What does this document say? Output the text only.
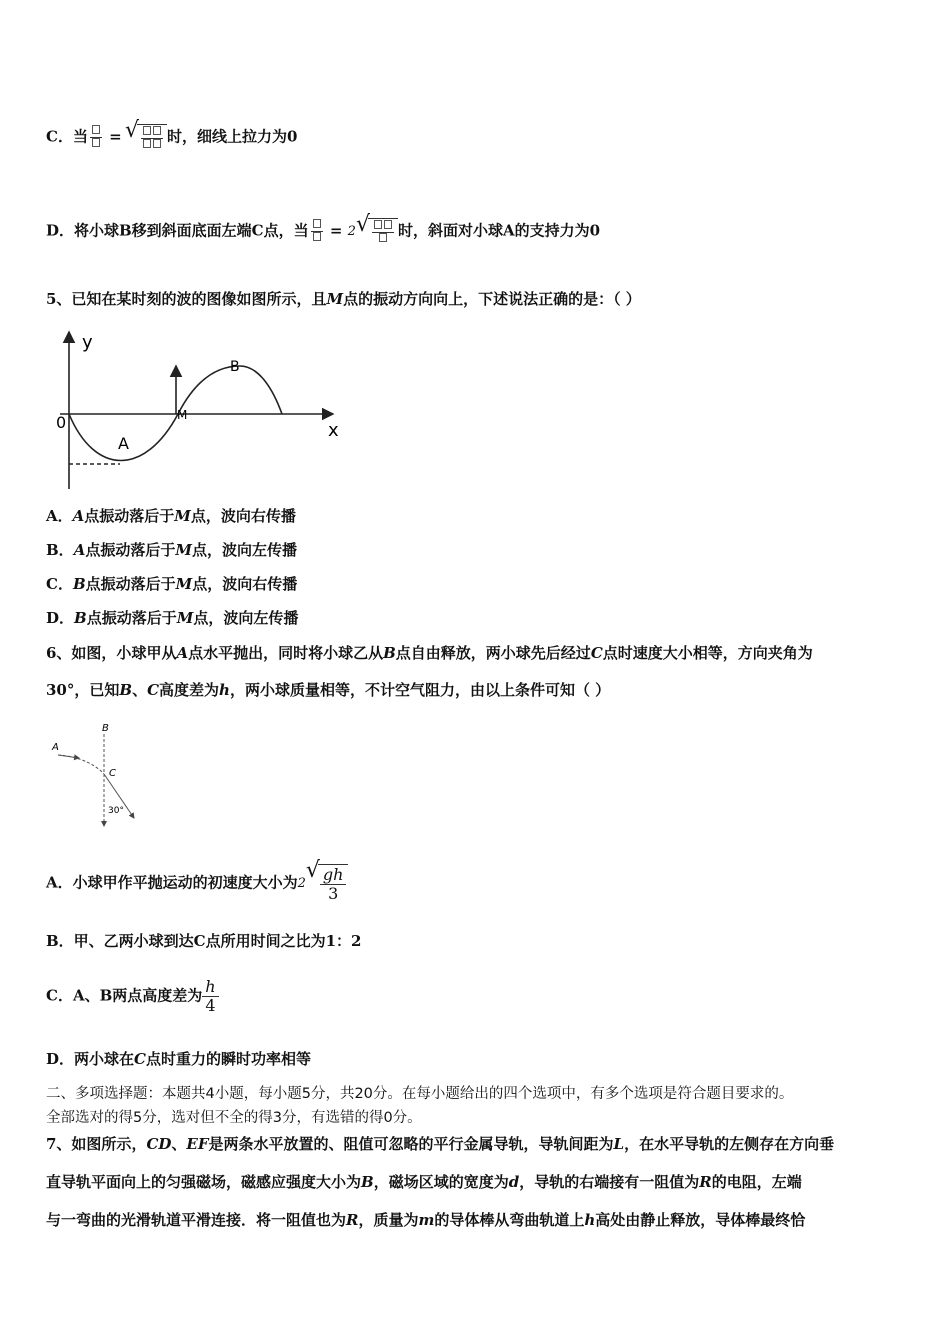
C．当
= √	时，细线上拉力为0
D．将小球B移到斜面底面左端C点，当
= 2 √	时，斜面对小球A的支持力为0
5、已知在某时刻的波的图像如图所示，且M点的振动方向向上，下述说法正确的是：（ ）
y
x
0
A
B
M
A．A点振动落后于M点，波向右传播
B．A点振动落后于M点，波向左传播
C．B点振动落后于M点，波向右传播
D．B点振动落后于M点，波向左传播
6、如图，小球甲从A点水平抛出，同时将小球乙从B点自由释放，两小球先后经过C点时速度大小相等，方向夹角为
30°，已知B、C高度差为h，两小球质量相等，不计空气阻力，由以上条件可知（ ）
B
A
C
30°
A．小球甲作平抛运动的初速度大小为2 √ $\frac{gh}{3}$
B．甲、乙两小球到达C点所用时间之比为1：2
C．A、B两点高度差为 $\frac{h}{4}$
D．两小球在C点时重力的瞬时功率相等
二、多项选择题：本题共4小题，每小题5分，共20分。在每小题给出的四个选项中，有多个选项是符合题目要求的。
全部选对的得5分，选对但不全的得3分，有选错的得0分。
7、如图所示，CD、EF是两条水平放置的、阻值可忽略的平行金属导轨，导轨间距为L，在水平导轨的左侧存在方向垂
直导轨平面向上的匀强磁场，磁感应强度大小为B，磁场区域的宽度为d，导轨的右端接有一阻值为R的电阻，左端
与一弯曲的光滑轨道平滑连接．将一阻值也为R，质量为m的导体棒从弯曲轨道上h高处由静止释放，导体棒最终恰
